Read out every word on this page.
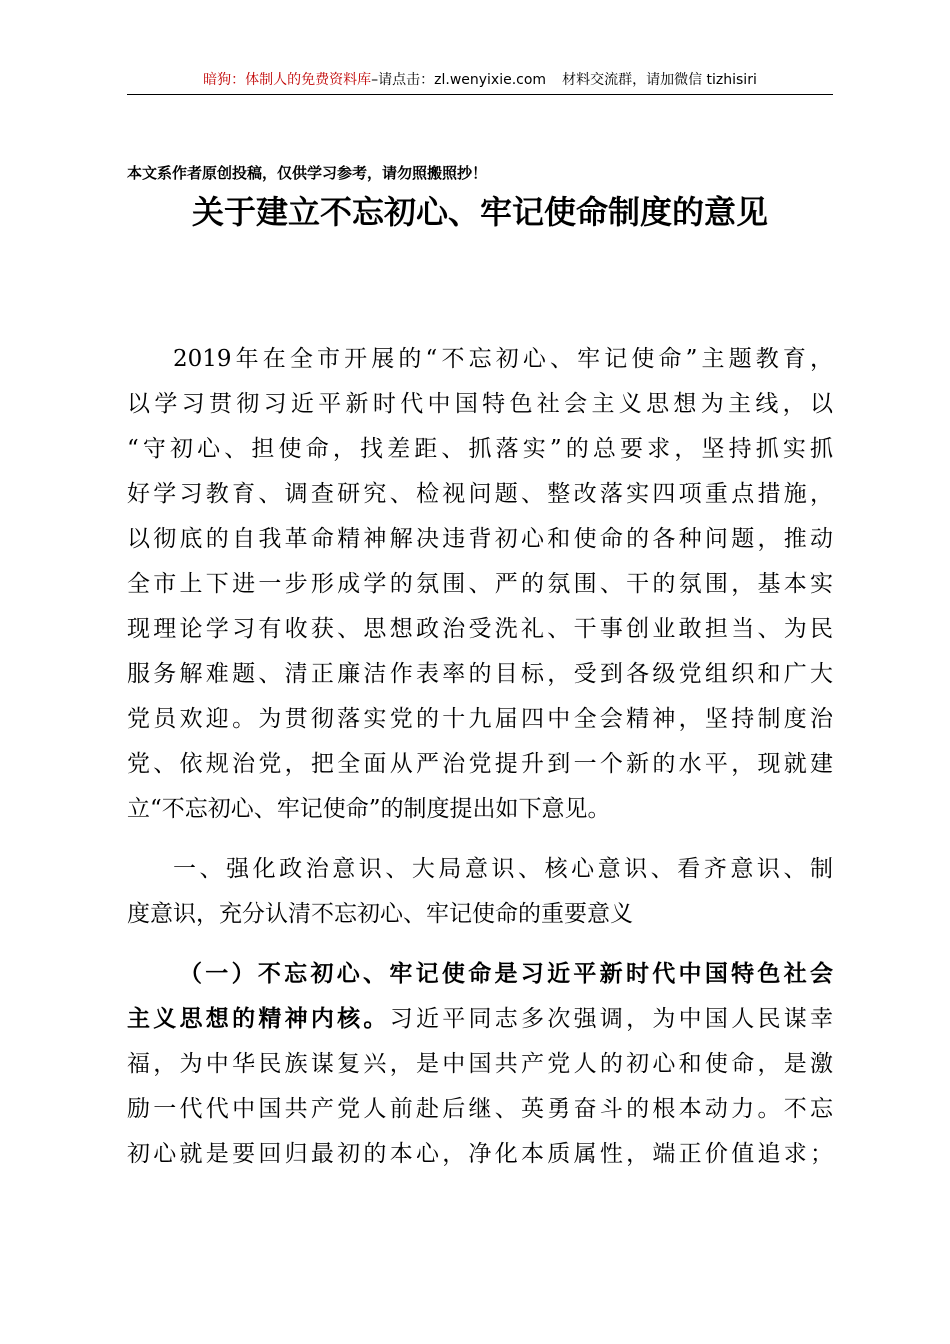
暗狗：体制人的免费资料库–请点击：zl.wenyixie.com 材料交流群，请加微信 tizhisiri
本文系作者原创投稿，仅供学习参考，请勿照搬照抄！
关于建立不忘初心、牢记使命制度的意见
2019年在全市开展的“不忘初心、牢记使命”主题教育，
以学习贯彻习近平新时代中国特色社会主义思想为主线，以
“守初心、担使命，找差距、抓落实”的总要求，坚持抓实抓
好学习教育、调查研究、检视问题、整改落实四项重点措施，
以彻底的自我革命精神解决违背初心和使命的各种问题，推动
全市上下进一步形成学的氛围、严的氛围、干的氛围，基本实
现理论学习有收获、思想政治受洗礼、干事创业敢担当、为民
服务解难题、清正廉洁作表率的目标，受到各级党组织和广大
党员欢迎。为贯彻落实党的十九届四中全会精神，坚持制度治
党、依规治党，把全面从严治党提升到一个新的水平，现就建
立“不忘初心、牢记使命”的制度提出如下意见。
一、强化政治意识、大局意识、核心意识、看齐意识、制
度意识，充分认清不忘初心、牢记使命的重要意义
（一）不忘初心、牢记使命是习近平新时代中国特色社会
主义思想的精神内核。习近平同志多次强调，为中国人民谋幸
福，为中华民族谋复兴，是中国共产党人的初心和使命，是激
励一代代中国共产党人前赴后继、英勇奋斗的根本动力。不忘
初心就是要回归最初的本心，净化本质属性，端正价值追求；
